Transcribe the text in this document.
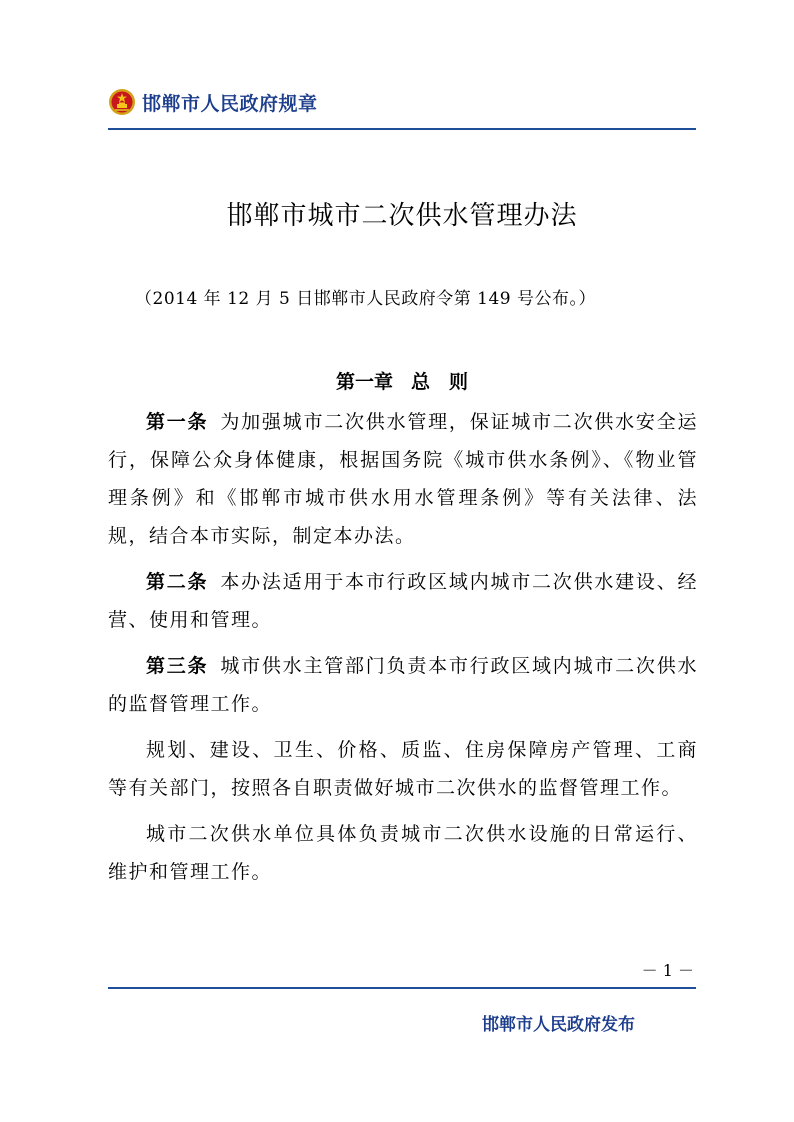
邯郸市人民政府规章
邯郸市城市二次供水管理办法
（2014 年 12 月 5 日邯郸市人民政府令第 149 号公布。）
第一章 总　则

第一条 为加强城市二次供水管理，保证城市二次供水安全运行，保障公众身体健康，根据国务院《城市供水条例》、《物业管理条例》和《邯郸市城市供水用水管理条例》等有关法律、法规，结合本市实际，制定本办法。

第二条 本办法适用于本市行政区域内城市二次供水建设、经营、使用和管理。

第三条 城市供水主管部门负责本市行政区域内城市二次供水的监督管理工作。

规划、建设、卫生、价格、质监、住房保障房产管理、工商等有关部门，按照各自职责做好城市二次供水的监督管理工作。

城市二次供水单位具体负责城市二次供水设施的日常运行、维护和管理工作。

－ 1 －
邯郸市人民政府发布
